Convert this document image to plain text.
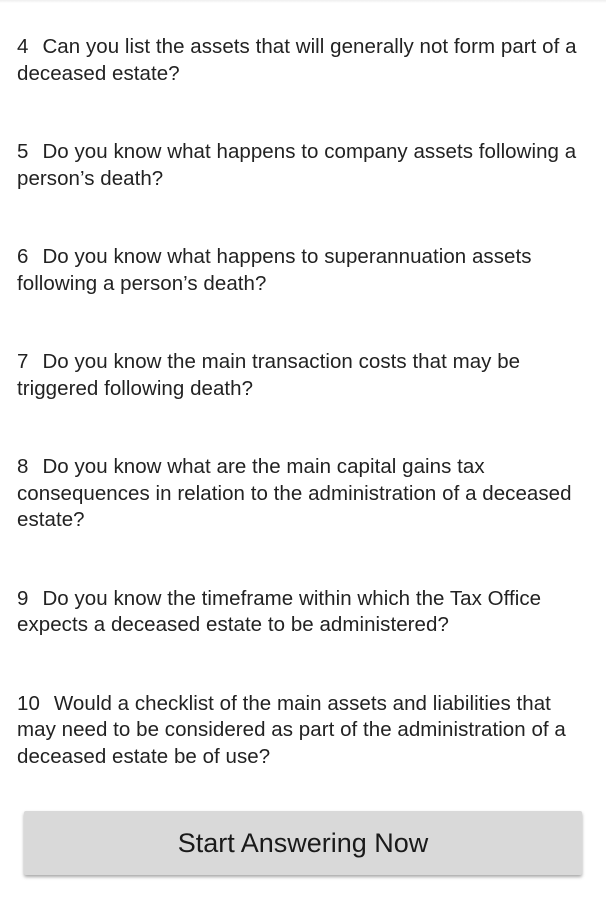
4 Can you list the assets that will generally not form part of a deceased estate?
5 Do you know what happens to company assets following a person’s death?
6 Do you know what happens to superannuation assets following a person’s death?
7 Do you know the main transaction costs that may be triggered following death?
8 Do you know what are the main capital gains tax consequences in relation to the administration of a deceased estate?
9 Do you know the timeframe within which the Tax Office expects a deceased estate to be administered?
10 Would a checklist of the main assets and liabilities that may need to be considered as part of the administration of a deceased estate be of use?
Start Answering Now
